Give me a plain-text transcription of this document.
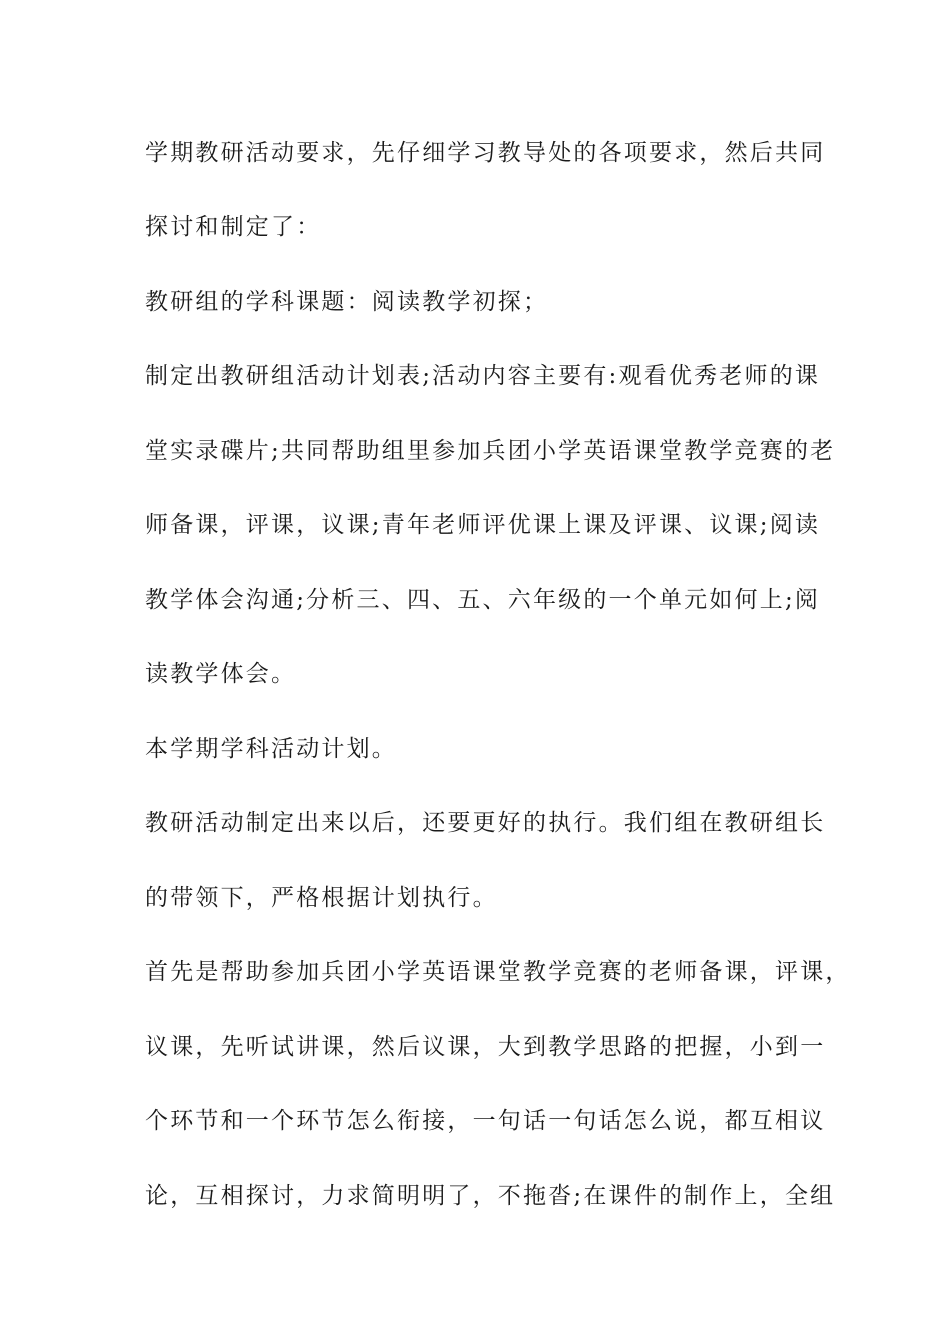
学期教研活动要求，先仔细学习教导处的各项要求，然后共同
探讨和制定了：
教研组的学科课题：阅读教学初探；
制定出教研组活动计划表;活动内容主要有:观看优秀老师的课
堂实录碟片;共同帮助组里参加兵团小学英语课堂教学竞赛的老
师备课，评课，议课;青年老师评优课上课及评课、议课;阅读
教学体会沟通;分析三、四、五、六年级的一个单元如何上;阅
读教学体会。
本学期学科活动计划。
教研活动制定出来以后，还要更好的执行。我们组在教研组长
的带领下，严格根据计划执行。
首先是帮助参加兵团小学英语课堂教学竞赛的老师备课，评课，
议课，先听试讲课，然后议课，大到教学思路的把握，小到一
个环节和一个环节怎么衔接，一句话一句话怎么说，都互相议
论，互相探讨，力求简明明了，不拖沓;在课件的制作上，全组
